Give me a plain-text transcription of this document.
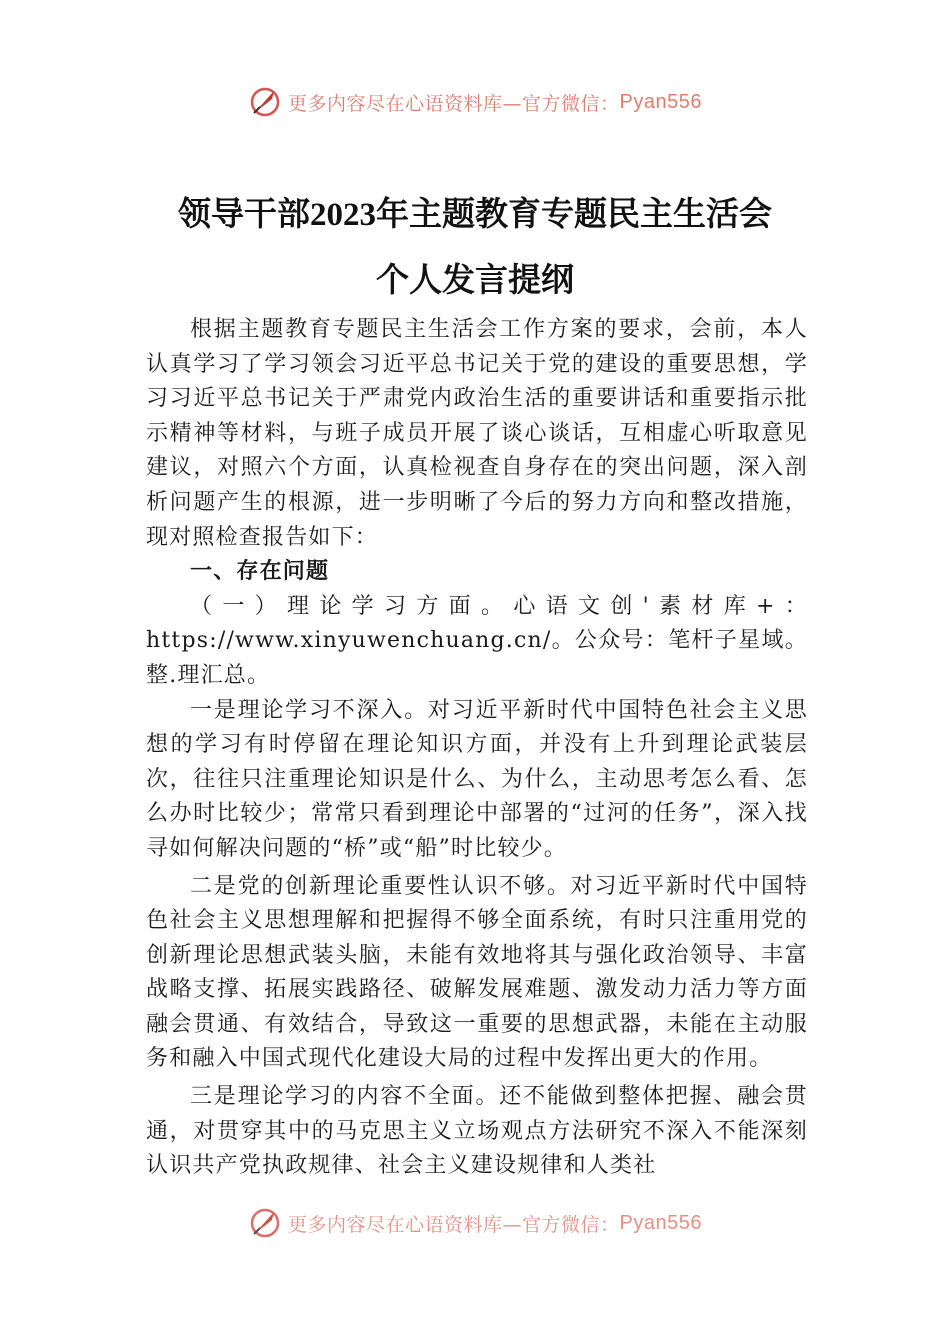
更多内容尽在心语资料库—官方微信： Pyan556
领导干部2023年主题教育专题民主生活会
个人发言提纲

根据主题教育专题民主生活会工作方案的要求，会前，本人认真学习了学习领会习近平总书记关于党的建设的重要思想，学习习近平总书记关于严肃党内政治生活的重要讲话和重要指示批示精神等材料，与班子成员开展了谈心谈话，互相虚心听取意见建议，对照六个方面，认真检视查自身存在的突出问题，深入剖析问题产生的根源，进一步明晰了今后的努力方向和整改措施，现对照检查报告如下：

一、存在问题

（一）理论学习方面。心语文创'素材库+：https://www.xinyuwenchuang.cn/。公众号：笔杆子星域。整.理汇总。

一是理论学习不深入。对习近平新时代中国特色社会主义思想的学习有时停留在理论知识方面，并没有上升到理论武装层次，往往只注重理论知识是什么、为什么，主动思考怎么看、怎么办时比较少；常常只看到理论中部署的“过河的任务”，深入找寻如何解决问题的“桥”或“船”时比较少。

二是党的创新理论重要性认识不够。对习近平新时代中国特色社会主义思想理解和把握得不够全面系统，有时只注重用党的创新理论思想武装头脑，未能有效地将其与强化政治领导、丰富战略支撑、拓展实践路径、破解发展难题、激发动力活力等方面融会贯通、有效结合，导致这一重要的思想武器，未能在主动服务和融入中国式现代化建设大局的过程中发挥出更大的作用。

三是理论学习的内容不全面。还不能做到整体把握、融会贯通，对贯穿其中的马克思主义立场观点方法研究不深入不能深刻认识共产党执政规律、社会主义建设规律和人类社

更多内容尽在心语资料库—官方微信： Pyan556
